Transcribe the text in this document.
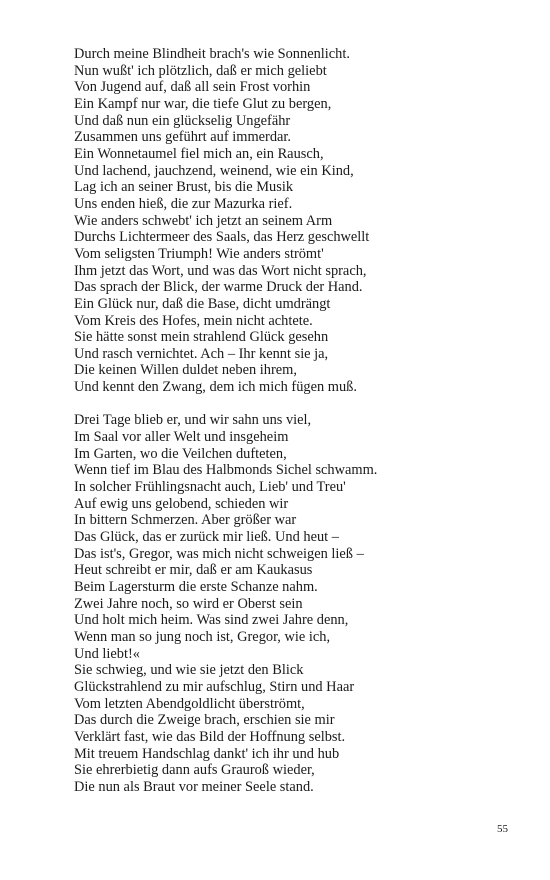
Durch meine Blindheit brach's wie Sonnenlicht.
Nun wußt' ich plötzlich, daß er mich geliebt
Von Jugend auf, daß all sein Frost vorhin
Ein Kampf nur war, die tiefe Glut zu bergen,
Und daß nun ein glückselig Ungefähr
Zusammen uns geführt auf immerdar.
Ein Wonnetaumel fiel mich an, ein Rausch,
Und lachend, jauchzend, weinend, wie ein Kind,
Lag ich an seiner Brust, bis die Musik
Uns enden hieß, die zur Mazurka rief.
Wie anders schwebt' ich jetzt an seinem Arm
Durchs Lichtermeer des Saals, das Herz geschwellt
Vom seligsten Triumph! Wie anders strömt'
Ihm jetzt das Wort, und was das Wort nicht sprach,
Das sprach der Blick, der warme Druck der Hand.
Ein Glück nur, daß die Base, dicht umdrängt
Vom Kreis des Hofes, mein nicht achtete.
Sie hätte sonst mein strahlend Glück gesehn
Und rasch vernichtet. Ach – Ihr kennt sie ja,
Die keinen Willen duldet neben ihrem,
Und kennt den Zwang, dem ich mich fügen muß.
Drei Tage blieb er, und wir sahn uns viel,
Im Saal vor aller Welt und insgeheim
Im Garten, wo die Veilchen dufteten,
Wenn tief im Blau des Halbmonds Sichel schwamm.
In solcher Frühlingsnacht auch, Lieb' und Treu'
Auf ewig uns gelobend, schieden wir
In bittern Schmerzen. Aber größer war
Das Glück, das er zurück mir ließ. Und heut –
Das ist's, Gregor, was mich nicht schweigen ließ –
Heut schreibt er mir, daß er am Kaukasus
Beim Lagersturm die erste Schanze nahm.
Zwei Jahre noch, so wird er Oberst sein
Und holt mich heim. Was sind zwei Jahre denn,
Wenn man so jung noch ist, Gregor, wie ich,
Und liebt!«
Sie schwieg, und wie sie jetzt den Blick
Glückstrahlend zu mir aufschlug, Stirn und Haar
Vom letzten Abendgoldlicht überströmt,
Das durch die Zweige brach, erschien sie mir
Verklärt fast, wie das Bild der Hoffnung selbst.
Mit treuem Handschlag dankt' ich ihr und hub
Sie ehrerbietig dann aufs Grauroß wieder,
Die nun als Braut vor meiner Seele stand.
55
